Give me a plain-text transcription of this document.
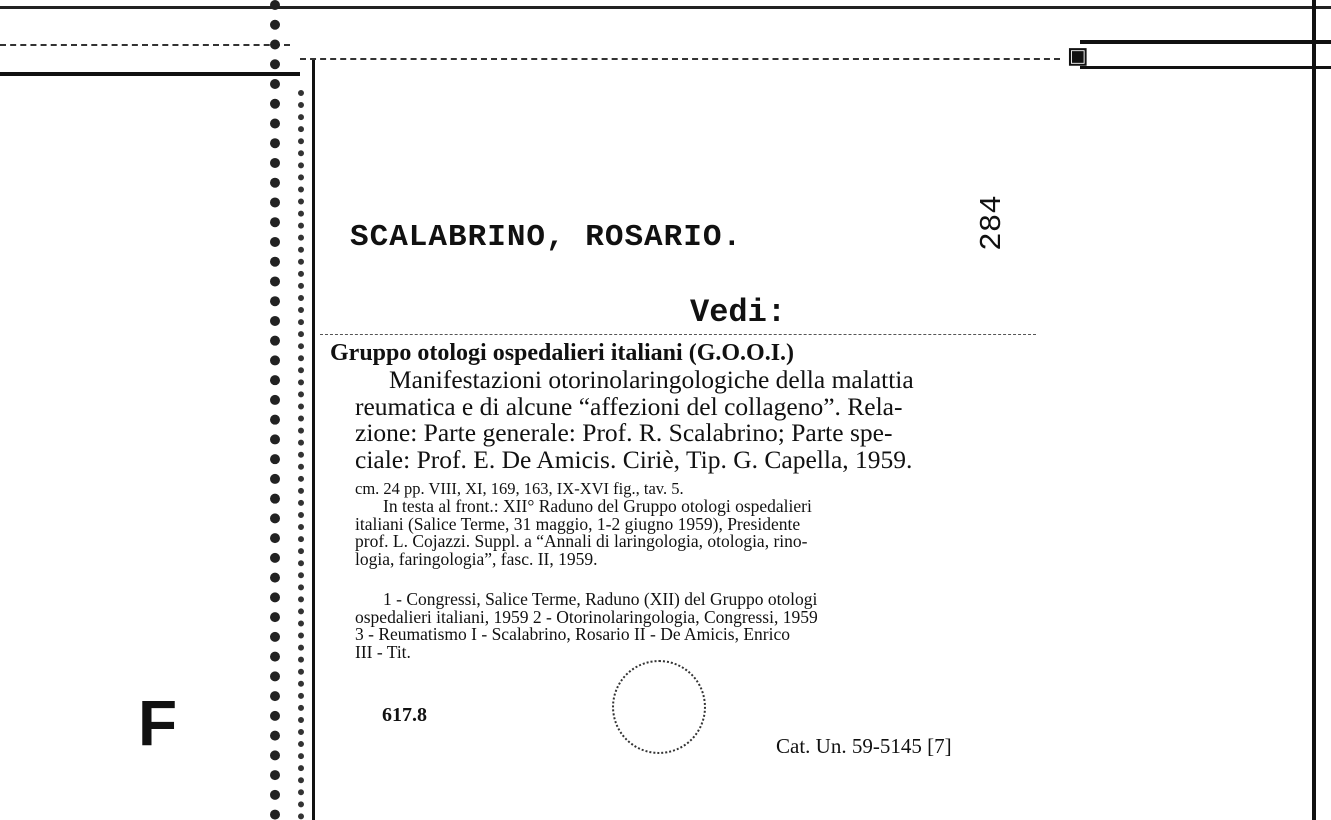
▣
F
SCALABRINO, ROSARIO.	284
Vedi:
Gruppo otologi ospedalieri italiani (G.O.O.I.)
Manifestazioni otorinolaringologiche della malattia
reumatica e di alcune “affezioni del collageno”. Rela-
zione: Parte generale: Prof. R. Scalabrino; Parte spe-
ciale: Prof. E. De Amicis. Ciriè, Tip. G. Capella, 1959.
cm. 24 pp. VIII, XI, 169, 163, IX-XVI fig., tav. 5.
In testa al front.: XII° Raduno del Gruppo otologi ospedalieri
italiani (Salice Terme, 31 maggio, 1-2 giugno 1959), Presidente
prof. L. Cojazzi. Suppl. a “Annali di laringologia, otologia, rino-
logia, faringologia”, fasc. II, 1959.
1 - Congressi, Salice Terme, Raduno (XII) del Gruppo otologi
ospedalieri italiani, 1959 2 - Otorinolaringologia, Congressi, 1959
3 - Reumatismo I - Scalabrino, Rosario II - De Amicis, Enrico
III - Tit.
617.8
Cat. Un. 59-5145 [7]
